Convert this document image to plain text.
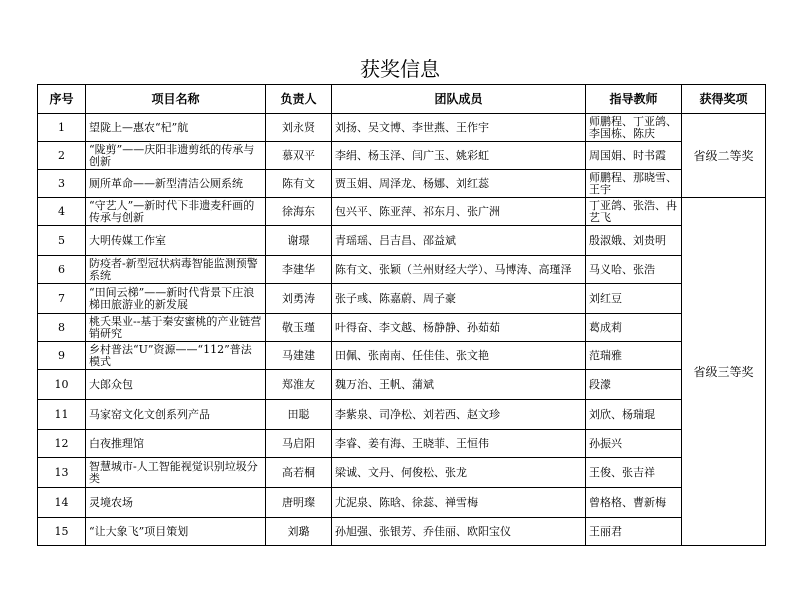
获奖信息
序号	项目名称	负责人	团队成员	指导教师	获得奖项
1	望陇上—惠农“杞”航	刘永贤	刘扬、吴文博、李世燕、王作宇	师鹏程、丁亚鸽、李国栋、陈庆	省级二等奖
2	“陇剪”——庆阳非遗剪纸的传承与创新	慕双平	李绢、杨玉泽、闫广玉、姚彩虹	周国娟、时书霞	
3	厕所革命——新型清洁公厕系统	陈有文	贾玉娟、周泽龙、杨娜、刘红蕊	师鹏程、那晓雪、王宇	
4	“守艺人”—新时代下非遗麦秆画的传承与创新	徐海东	包兴平、陈亚萍、祁东月、张广洲	丁亚鸽、张浩、冉艺飞	省级三等奖
5	大明传媒工作室	谢璟	青瑶瑶、吕吉昌、邵益斌	殷淑娥、刘贵明	
6	防疫者-新型冠状病毒智能监测预警系统	李建华	陈有文、张颖（兰州财经大学）、马博涛、高瑾泽	马义哈、张浩	
7	“田间云梯”——新时代背景下庄浪梯田旅游业的新发展	刘勇涛	张子彧、陈嘉蔚、周子豪	刘红豆	
8	桃夭果业--基于秦安蜜桃的产业链营销研究	敬玉瑾	叶得奋、李文越、杨静静、孙茹茹	葛成莉	
9	乡村普法“U”资源——“112”普法模式	马建建	田佩、张南南、任佳佳、张文艳	范瑞雅	
10	大郎众包	郑淮友	魏万治、王帆、蒲斌	段濛	
11	马家窑文化文创系列产品	田聪	李紫泉、司净松、刘若西、赵文珍	刘欣、杨瑞琨	
12	白夜推理馆	马启阳	李睿、姜有海、王晓菲、王恒伟	孙振兴	
13	智慧城市-人工智能视觉识别垃圾分类	高若桐	梁诚、文丹、何俊松、张龙	王俊、张吉祥	
14	灵境农场	唐明璨	尤泥泉、陈晗、徐蕊、禅雪梅	曾格格、曹新梅	
15	“让大象飞”项目策划	刘璐	孙旭强、张银芳、乔佳丽、欧阳宝仪	王丽君	
